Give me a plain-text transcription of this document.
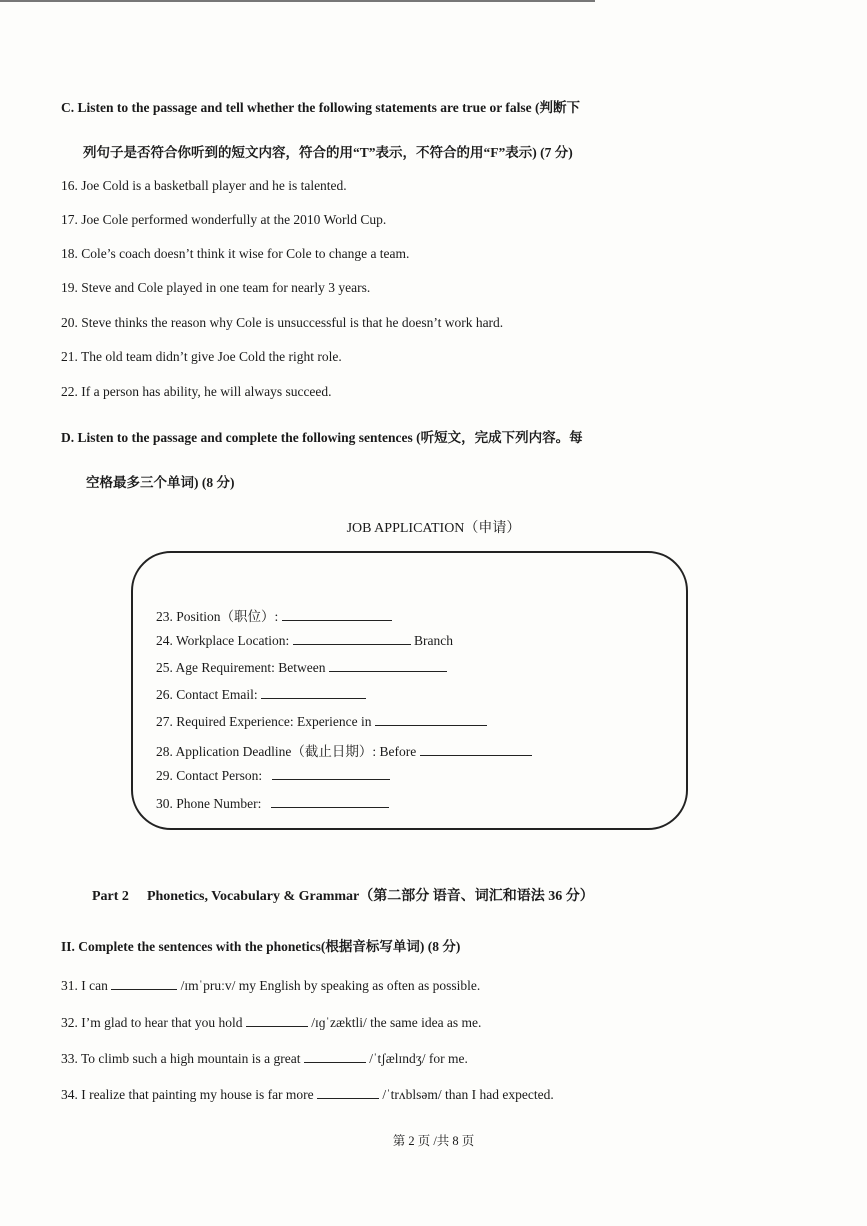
C. Listen to the passage and tell whether the following statements are true or false (判断下
列句子是否符合你听到的短文内容，符合的用“T”表示，不符合的用“F”表示) (7 分)
16. Joe Cold is a basketball player and he is talented.
17. Joe Cole performed wonderfully at the 2010 World Cup.
18. Cole’s coach doesn’t think it wise for Cole to change a team.
19. Steve and Cole played in one team for nearly 3 years.
20. Steve thinks the reason why Cole is unsuccessful is that he doesn’t work hard.
21. The old team didn’t give Joe Cold the right role.
22. If a person has ability, he will always succeed.
D. Listen to the passage and complete the following sentences (听短文，完成下列内容。每
空格最多三个单词) (8 分)
JOB APPLICATION（申请）
23. Position（职位）:
24. Workplace Location:	Branch
25. Age Requirement: Between
26. Contact Email:
27. Required Experience: Experience in
28. Application Deadline（截止日期）: Before
29. Contact Person:
30. Phone Number:
Part 2 Phonetics, Vocabulary & Grammar（第二部分 语音、词汇和语法 36 分）
II. Complete the sentences with the phonetics(根据音标写单词) (8 分)
31. I can	/ɪmˈpruːv/ my English by speaking as often as possible.
32. I’m glad to hear that you hold	/ɪɡˈzæktli/ the same idea as me.
33. To climb such a high mountain is a great	/ˈtʃælɪndʒ/ for me.
34. I realize that painting my house is far more	/ˈtrʌblsəm/ than I had expected.
第 2 页 /共 8 页
